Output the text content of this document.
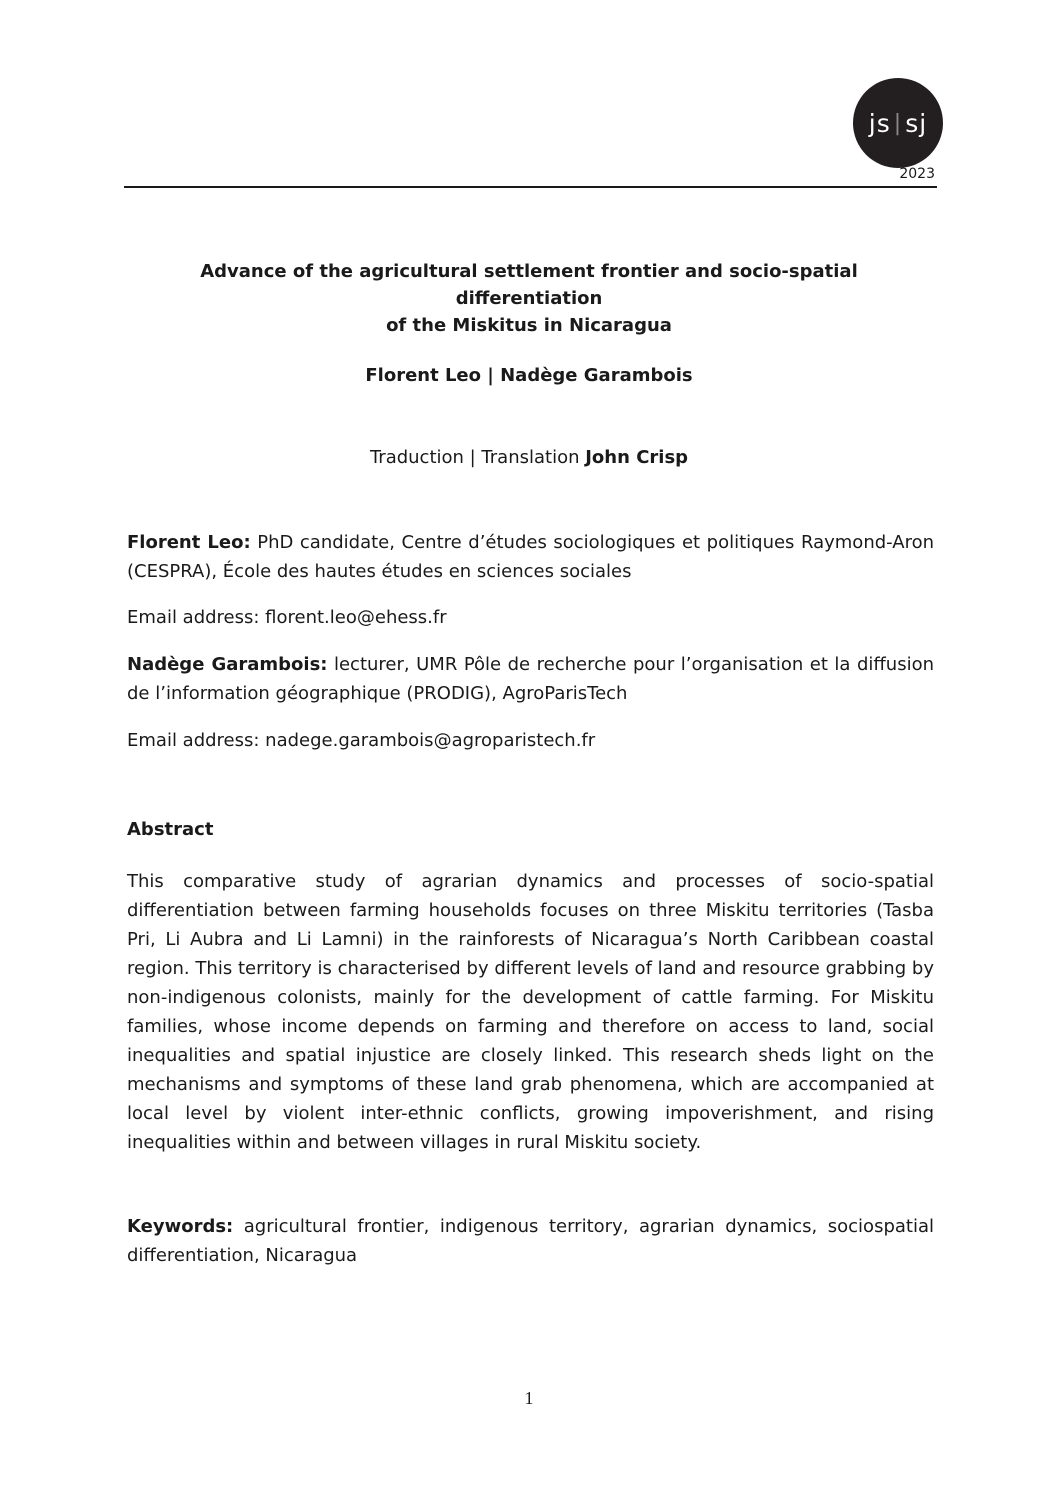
js | sj
2023
Advance of the agricultural settlement frontier and socio-spatial differentiation
of the Miskitus in Nicaragua
Florent Leo | Nadège Garambois
Traduction | Translation John Crisp
Florent Leo: PhD candidate, Centre d’études sociologiques et politiques Raymond-Aron (CESPRA), École des hautes études en sciences sociales
Email address: florent.leo@ehess.fr
Nadège Garambois: lecturer, UMR Pôle de recherche pour l’organisation et la diffusion de l’information géographique (PRODIG), AgroParisTech
Email address: nadege.garambois@agroparistech.fr
Abstract
This comparative study of agrarian dynamics and processes of socio-spatial differentiation between farming households focuses on three Miskitu territories (Tasba Pri, Li Aubra and Li Lamni) in the rainforests of Nicaragua’s North Caribbean coastal region. This territory is characterised by different levels of land and resource grabbing by non-indigenous colonists, mainly for the development of cattle farming. For Miskitu families, whose income depends on farming and therefore on access to land, social inequalities and spatial injustice are closely linked. This research sheds light on the mechanisms and symptoms of these land grab phenomena, which are accompanied at local level by violent inter-ethnic conflicts, growing impoverishment, and rising inequalities within and between villages in rural Miskitu society.
Keywords: agricultural frontier, indigenous territory, agrarian dynamics, sociospatial differentiation, Nicaragua
1
